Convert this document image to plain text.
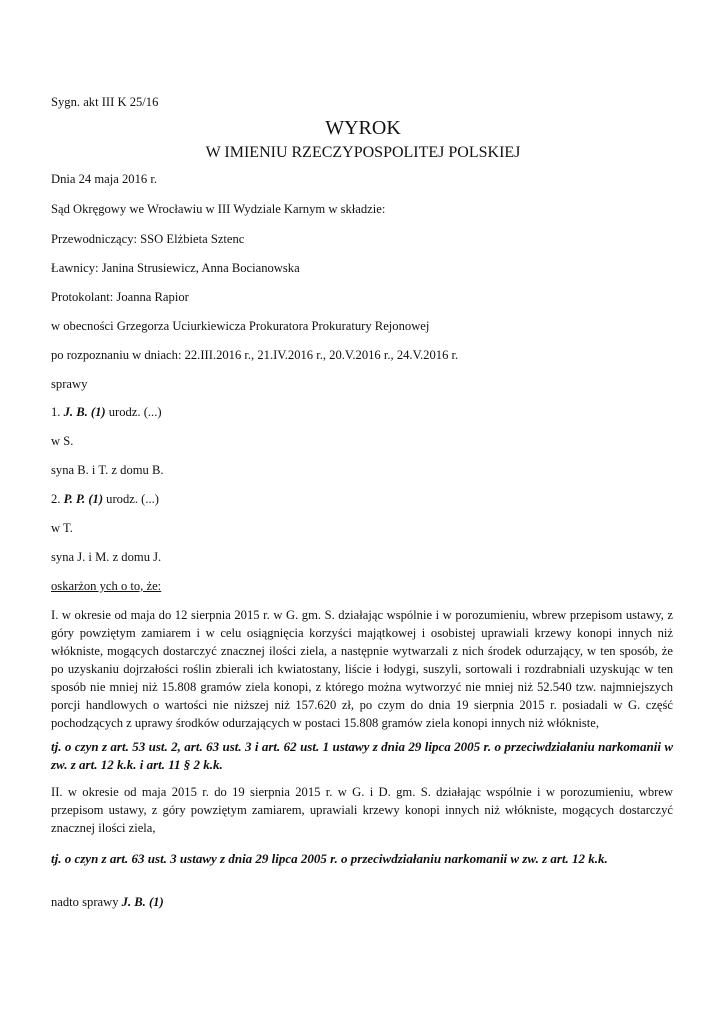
Sygn. akt III K 25/16
WYROK
W IMIENIU RZECZYPOSPOLITEJ POLSKIEJ
Dnia 24 maja 2016 r.
Sąd Okręgowy we Wrocławiu w III Wydziale Karnym w składzie:
Przewodniczący: SSO Elżbieta Sztenc
Ławnicy: Janina Strusiewicz, Anna Bocianowska
Protokolant: Joanna Rapior
w obecności Grzegorza Uciurkiewicza Prokuratora Prokuratury Rejonowej
po rozpoznaniu w dniach: 22.III.2016 r., 21.IV.2016 r., 20.V.2016 r., 24.V.2016 r.
sprawy
1. J. B. (1) urodz. (...)
w S.
syna B. i T. z domu B.
2. P. P. (1) urodz. (...)
w T.
syna J. i M. z domu J.
oskarżon ych o to, że:
I. w okresie od maja do 12 sierpnia 2015 r. w G. gm. S. działając wspólnie i w porozumieniu, wbrew przepisom ustawy, z góry powziętym zamiarem i w celu osiągnięcia korzyści majątkowej i osobistej uprawiali krzewy konopi innych niż włókniste, mogących dostarczyć znacznej ilości ziela, a następnie wytwarzali z nich środek odurzający, w ten sposób, że po uzyskaniu dojrzałości roślin zbierali ich kwiatostany, liście i łodygi, suszyli, sortowali i rozdrabniali uzyskując w ten sposób nie mniej niż 15.808 gramów ziela konopi, z którego można wytworzyć nie mniej niż 52.540 tzw. najmniejszych porcji handlowych o wartości nie niższej niż 157.620 zł, po czym do dnia 19 sierpnia 2015 r. posiadali w G. część pochodzących z uprawy środków odurzających w postaci 15.808 gramów ziela konopi innych niż włókniste,
tj. o czyn z art. 53 ust. 2, art. 63 ust. 3 i art. 62 ust. 1 ustawy z dnia 29 lipca 2005 r. o przeciwdziałaniu narkomanii w zw. z art. 12 k.k. i art. 11 § 2 k.k.
II. w okresie od maja 2015 r. do 19 sierpnia 2015 r. w G. i D. gm. S. działając wspólnie i w porozumieniu, wbrew przepisom ustawy, z góry powziętym zamiarem, uprawiali krzewy konopi innych niż włókniste, mogących dostarczyć znacznej ilości ziela,
tj. o czyn z art. 63 ust. 3 ustawy z dnia 29 lipca 2005 r. o przeciwdziałaniu narkomanii w zw. z art. 12 k.k.
nadto sprawy J. B. (1)
